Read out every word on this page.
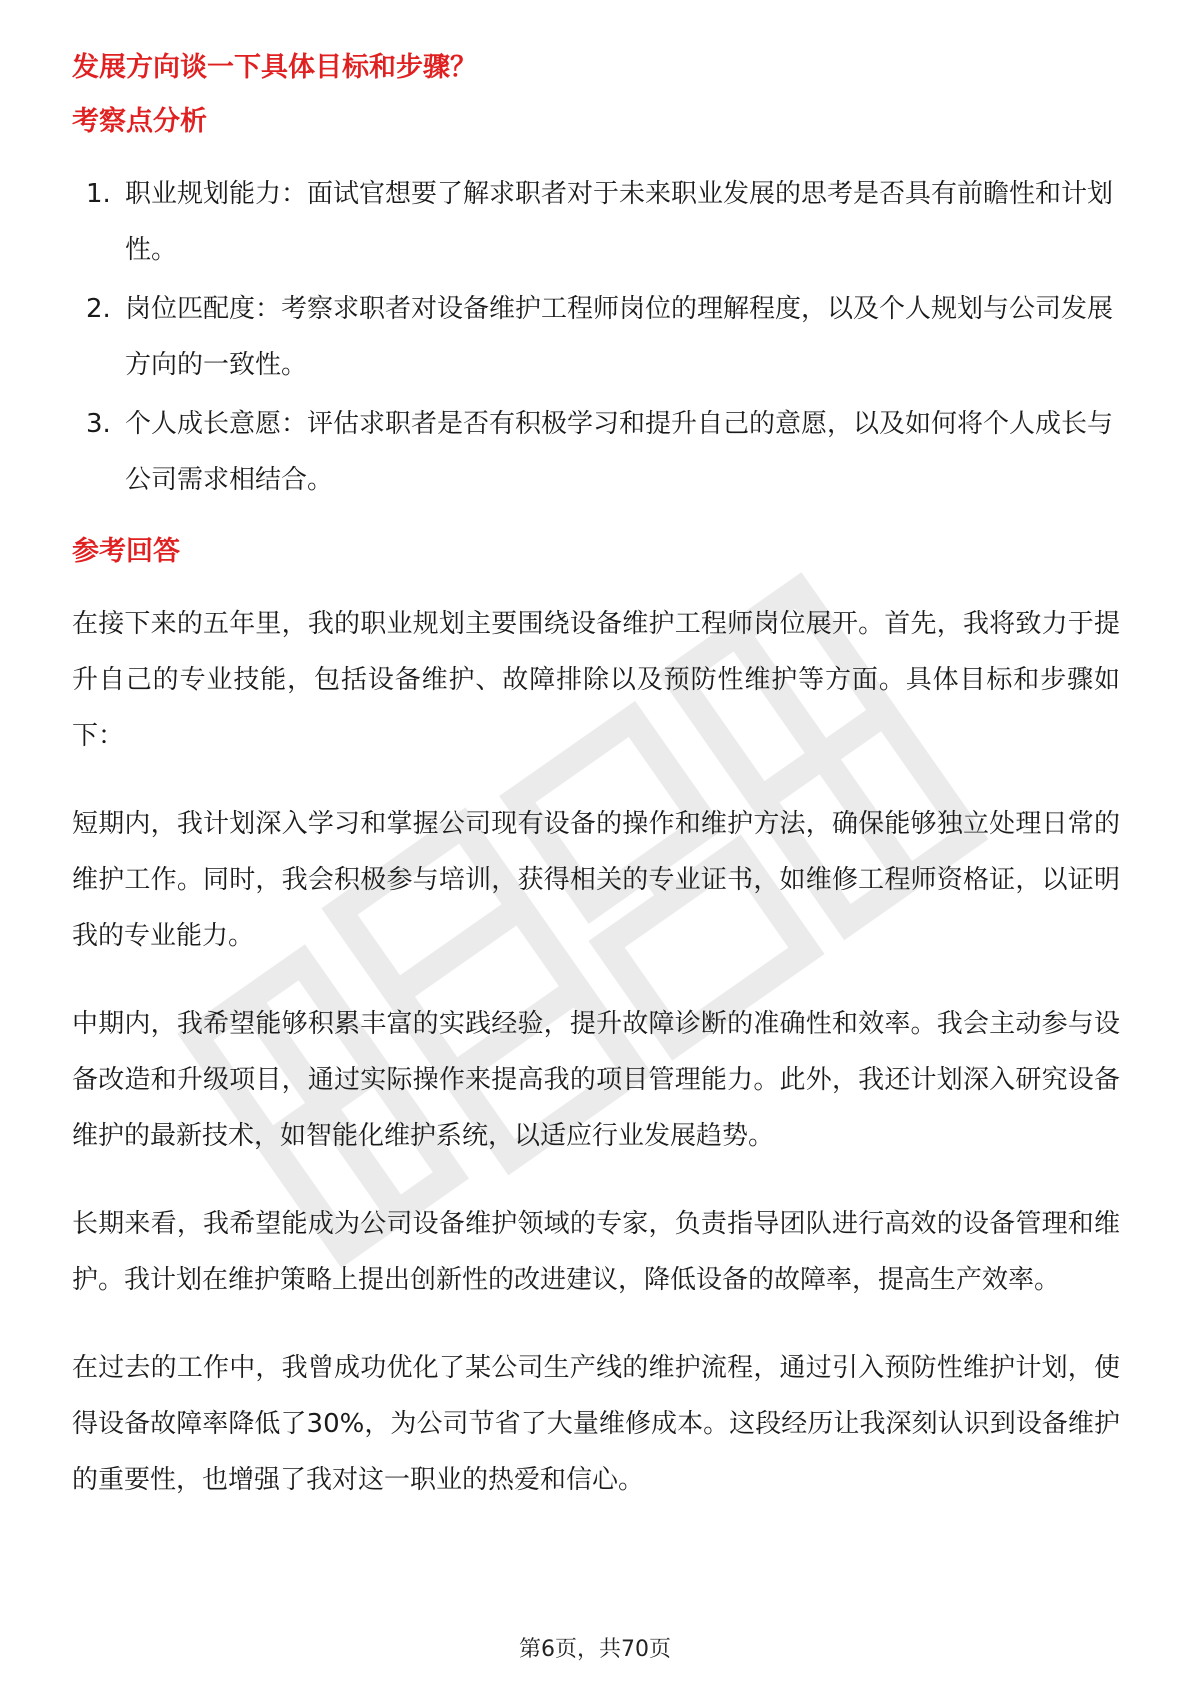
发展方向谈一下具体目标和步骤？
考察点分析
1. 职业规划能力：面试官想要了解求职者对于未来职业发展的思考是否具有前瞻性和计划性。
2. 岗位匹配度：考察求职者对设备维护工程师岗位的理解程度，以及个人规划与公司发展方向的一致性。
3. 个人成长意愿：评估求职者是否有积极学习和提升自己的意愿，以及如何将个人成长与公司需求相结合。
参考回答

在接下来的五年里，我的职业规划主要围绕设备维护工程师岗位展开。首先，我将致力于提升自己的专业技能，包括设备维护、故障排除以及预防性维护等方面。具体目标和步骤如下：

短期内，我计划深入学习和掌握公司现有设备的操作和维护方法，确保能够独立处理日常的维护工作。同时，我会积极参与培训，获得相关的专业证书，如维修工程师资格证，以证明我的专业能力。

中期内，我希望能够积累丰富的实践经验，提升故障诊断的准确性和效率。我会主动参与设备改造和升级项目，通过实际操作来提高我的项目管理能力。此外，我还计划深入研究设备维护的最新技术，如智能化维护系统，以适应行业发展趋势。

长期来看，我希望能成为公司设备维护领域的专家，负责指导团队进行高效的设备管理和维护。我计划在维护策略上提出创新性的改进建议，降低设备的故障率，提高生产效率。

在过去的工作中，我曾成功优化了某公司生产线的维护流程，通过引入预防性维护计划，使得设备故障率降低了30%，为公司节省了大量维修成本。这段经历让我深刻认识到设备维护的重要性，也增强了我对这一职业的热爱和信心。

第6页，共70页
